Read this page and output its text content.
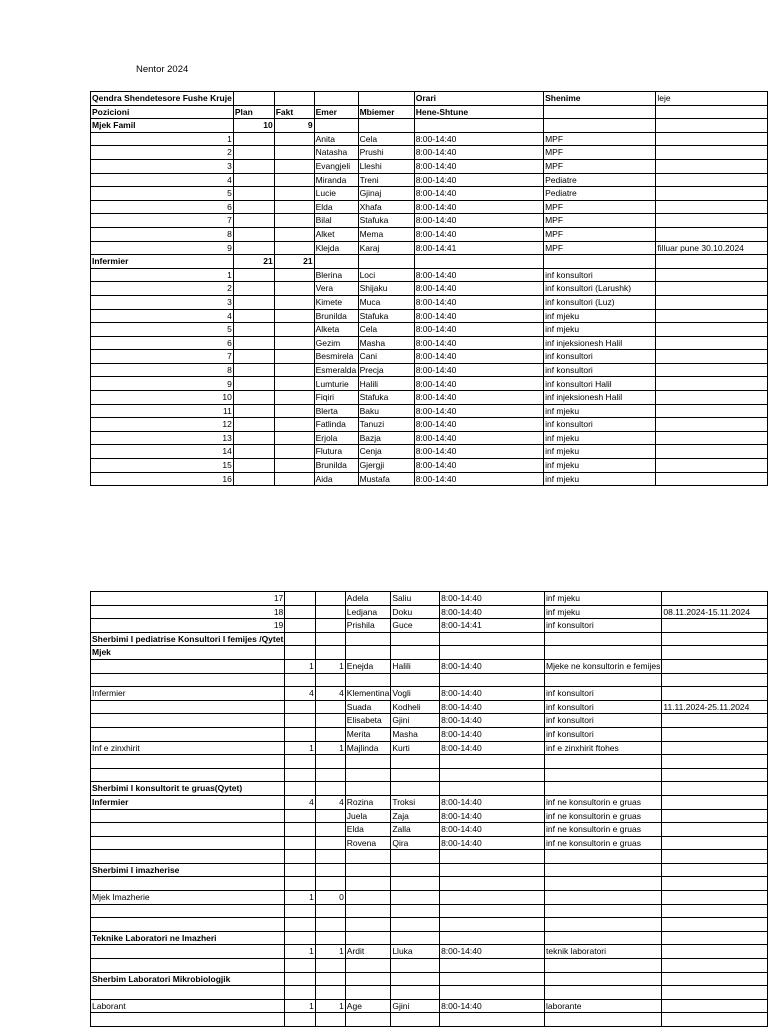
Nentor 2024
Qendra Shendetesore Fushe Kruje					Orari	Shenime	leje
Pozicioni	Plan	Fakt	Emer	Mbiemer	Hene-Shtune		
Mjek Famil	10	9					
1			Anita	Cela	8:00-14:40	MPF	
2			Natasha	Prushi	8:00-14:40	MPF	
3			Evangjeli	Lleshi	8:00-14:40	MPF	
4			Miranda	Treni	8:00-14:40	Pediatre	
5			Lucie	Gjinaj	8:00-14:40	Pediatre	
6			Elda	Xhafa	8:00-14:40	MPF	
7			Bilal	Stafuka	8:00-14:40	MPF	
8			Alket	Mema	8:00-14:40	MPF	
9			Klejda	Karaj	8:00-14:41	MPF	filluar pune 30.10.2024
Infermier	21	21					
1			Blerina	Loci	8:00-14:40	inf konsultori	
2			Vera	Shijaku	8:00-14:40	inf konsultori (Larushk)	
3			Kimete	Muca	8:00-14:40	inf konsultori (Luz)	
4			Brunilda	Stafuka	8:00-14:40	inf mjeku	
5			Alketa	Cela	8:00-14:40	inf mjeku	
6			Gezim	Masha	8:00-14:40	inf injeksionesh Halil	
7			Besmirela	Cani	8:00-14:40	inf konsultori	
8			Esmeralda	Precja	8:00-14:40	inf konsultori	
9			Lumturie	Halili	8:00-14:40	inf konsultori Halil	
10			Fiqiri	Stafuka	8:00-14:40	inf injeksionesh Halil	
11			Blerta	Baku	8:00-14:40	inf mjeku	
12			Fatlinda	Tanuzi	8:00-14:40	inf konsultori	
13			Erjola	Bazja	8:00-14:40	inf mjeku	
14			Flutura	Cenja	8:00-14:40	inf mjeku	
15			Brunilda	Gjergji	8:00-14:40	inf mjeku	
16			Aida	Mustafa	8:00-14:40	inf mjeku	
17			Adela	Saliu	8:00-14:40	inf mjeku	
18			Ledjana	Doku	8:00-14:40	inf mjeku	08.11.2024-15.11.2024
19			Prishila	Guce	8:00-14:41	inf konsultori	
Sherbimi I pediatrise Konsultori I femijes /Qytet							
Mjek							
	1	1	Enejda	Halili	8:00-14:40	Mjeke ne konsultorin e femijes	

Infermier	4	4	Klementina	Vogli	8:00-14:40	inf konsultori	
			Suada	Kodheli	8:00-14:40	inf konsultori	11.11.2024-25.11.2024
			Elisabeta	Gjini	8:00-14:40	inf konsultori	
			Merita	Masha	8:00-14:40	inf konsultori	
Inf e zinxhirit	1	1	Majlinda	Kurti	8:00-14:40	inf e zinxhirit ftohes	

Sherbimi I konsultorit te gruas(Qytet)							
Infermier	4	4	Rozina	Troksi	8:00-14:40	inf ne konsultorin e gruas	
			Juela	Zaja	8:00-14:40	inf ne konsultorin e gruas	
			Elda	Zalla	8:00-14:40	inf ne konsultorin e gruas	
			Rovena	Qira	8:00-14:40	inf ne konsultorin e gruas	

Sherbimi I imazherise							

Mjek Imazherie	1	0					

Teknike Laboratori ne Imazheri							
	1	1	Ardit	Lluka	8:00-14:40	teknik laboratori	

Sherbim Laboratori Mikrobiologjik							

Laborant	1	1	Age	Gjini	8:00-14:40	laborante	
